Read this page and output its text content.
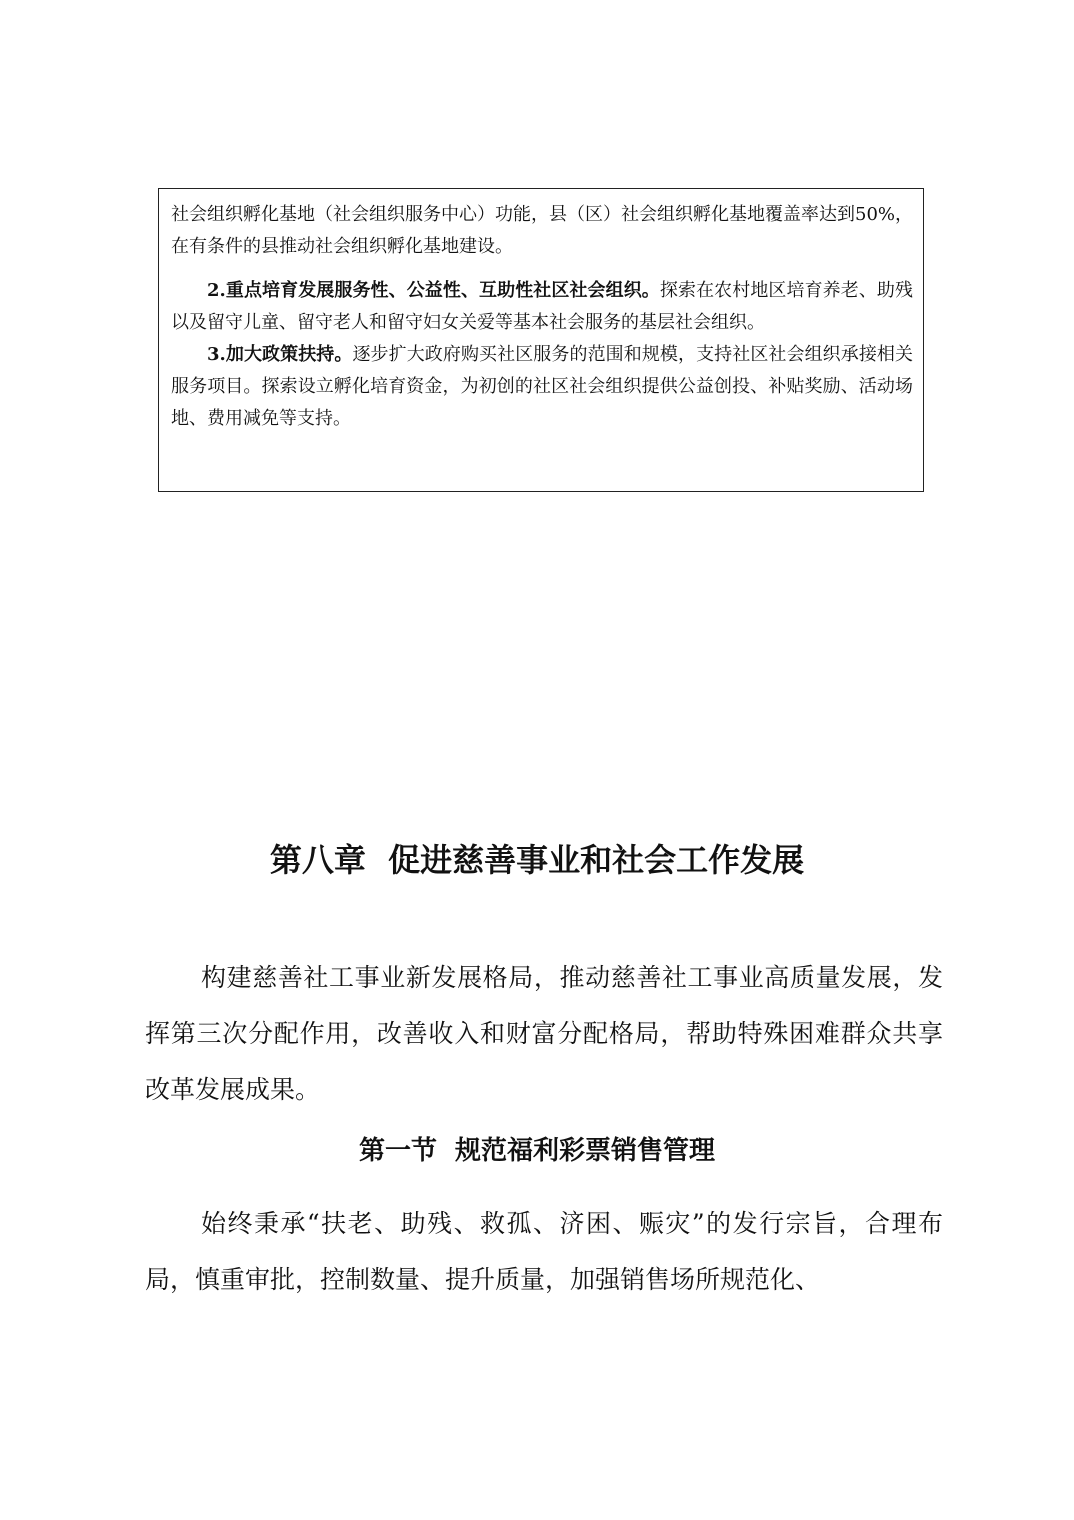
社会组织孵化基地（社会组织服务中心）功能，县（区）社会组织孵化基地覆盖率达到50%，在有条件的县推动社会组织孵化基地建设。

2.重点培育发展服务性、公益性、互助性社区社会组织。探索在农村地区培育养老、助残以及留守儿童、留守老人和留守妇女关爱等基本社会服务的基层社会组织。

3.加大政策扶持。逐步扩大政府购买社区服务的范围和规模，支持社区社会组织承接相关服务项目。探索设立孵化培育资金，为初创的社区社会组织提供公益创投、补贴奖励、活动场地、费用减免等支持。

第八章  促进慈善事业和社会工作发展

构建慈善社工事业新发展格局，推动慈善社工事业高质量发展，发挥第三次分配作用，改善收入和财富分配格局，帮助特殊困难群众共享改革发展成果。

第一节  规范福利彩票销售管理

始终秉承“扶老、助残、救孤、济困、赈灾”的发行宗旨，合理布局，慎重审批，控制数量、提升质量，加强销售场所规范化、
